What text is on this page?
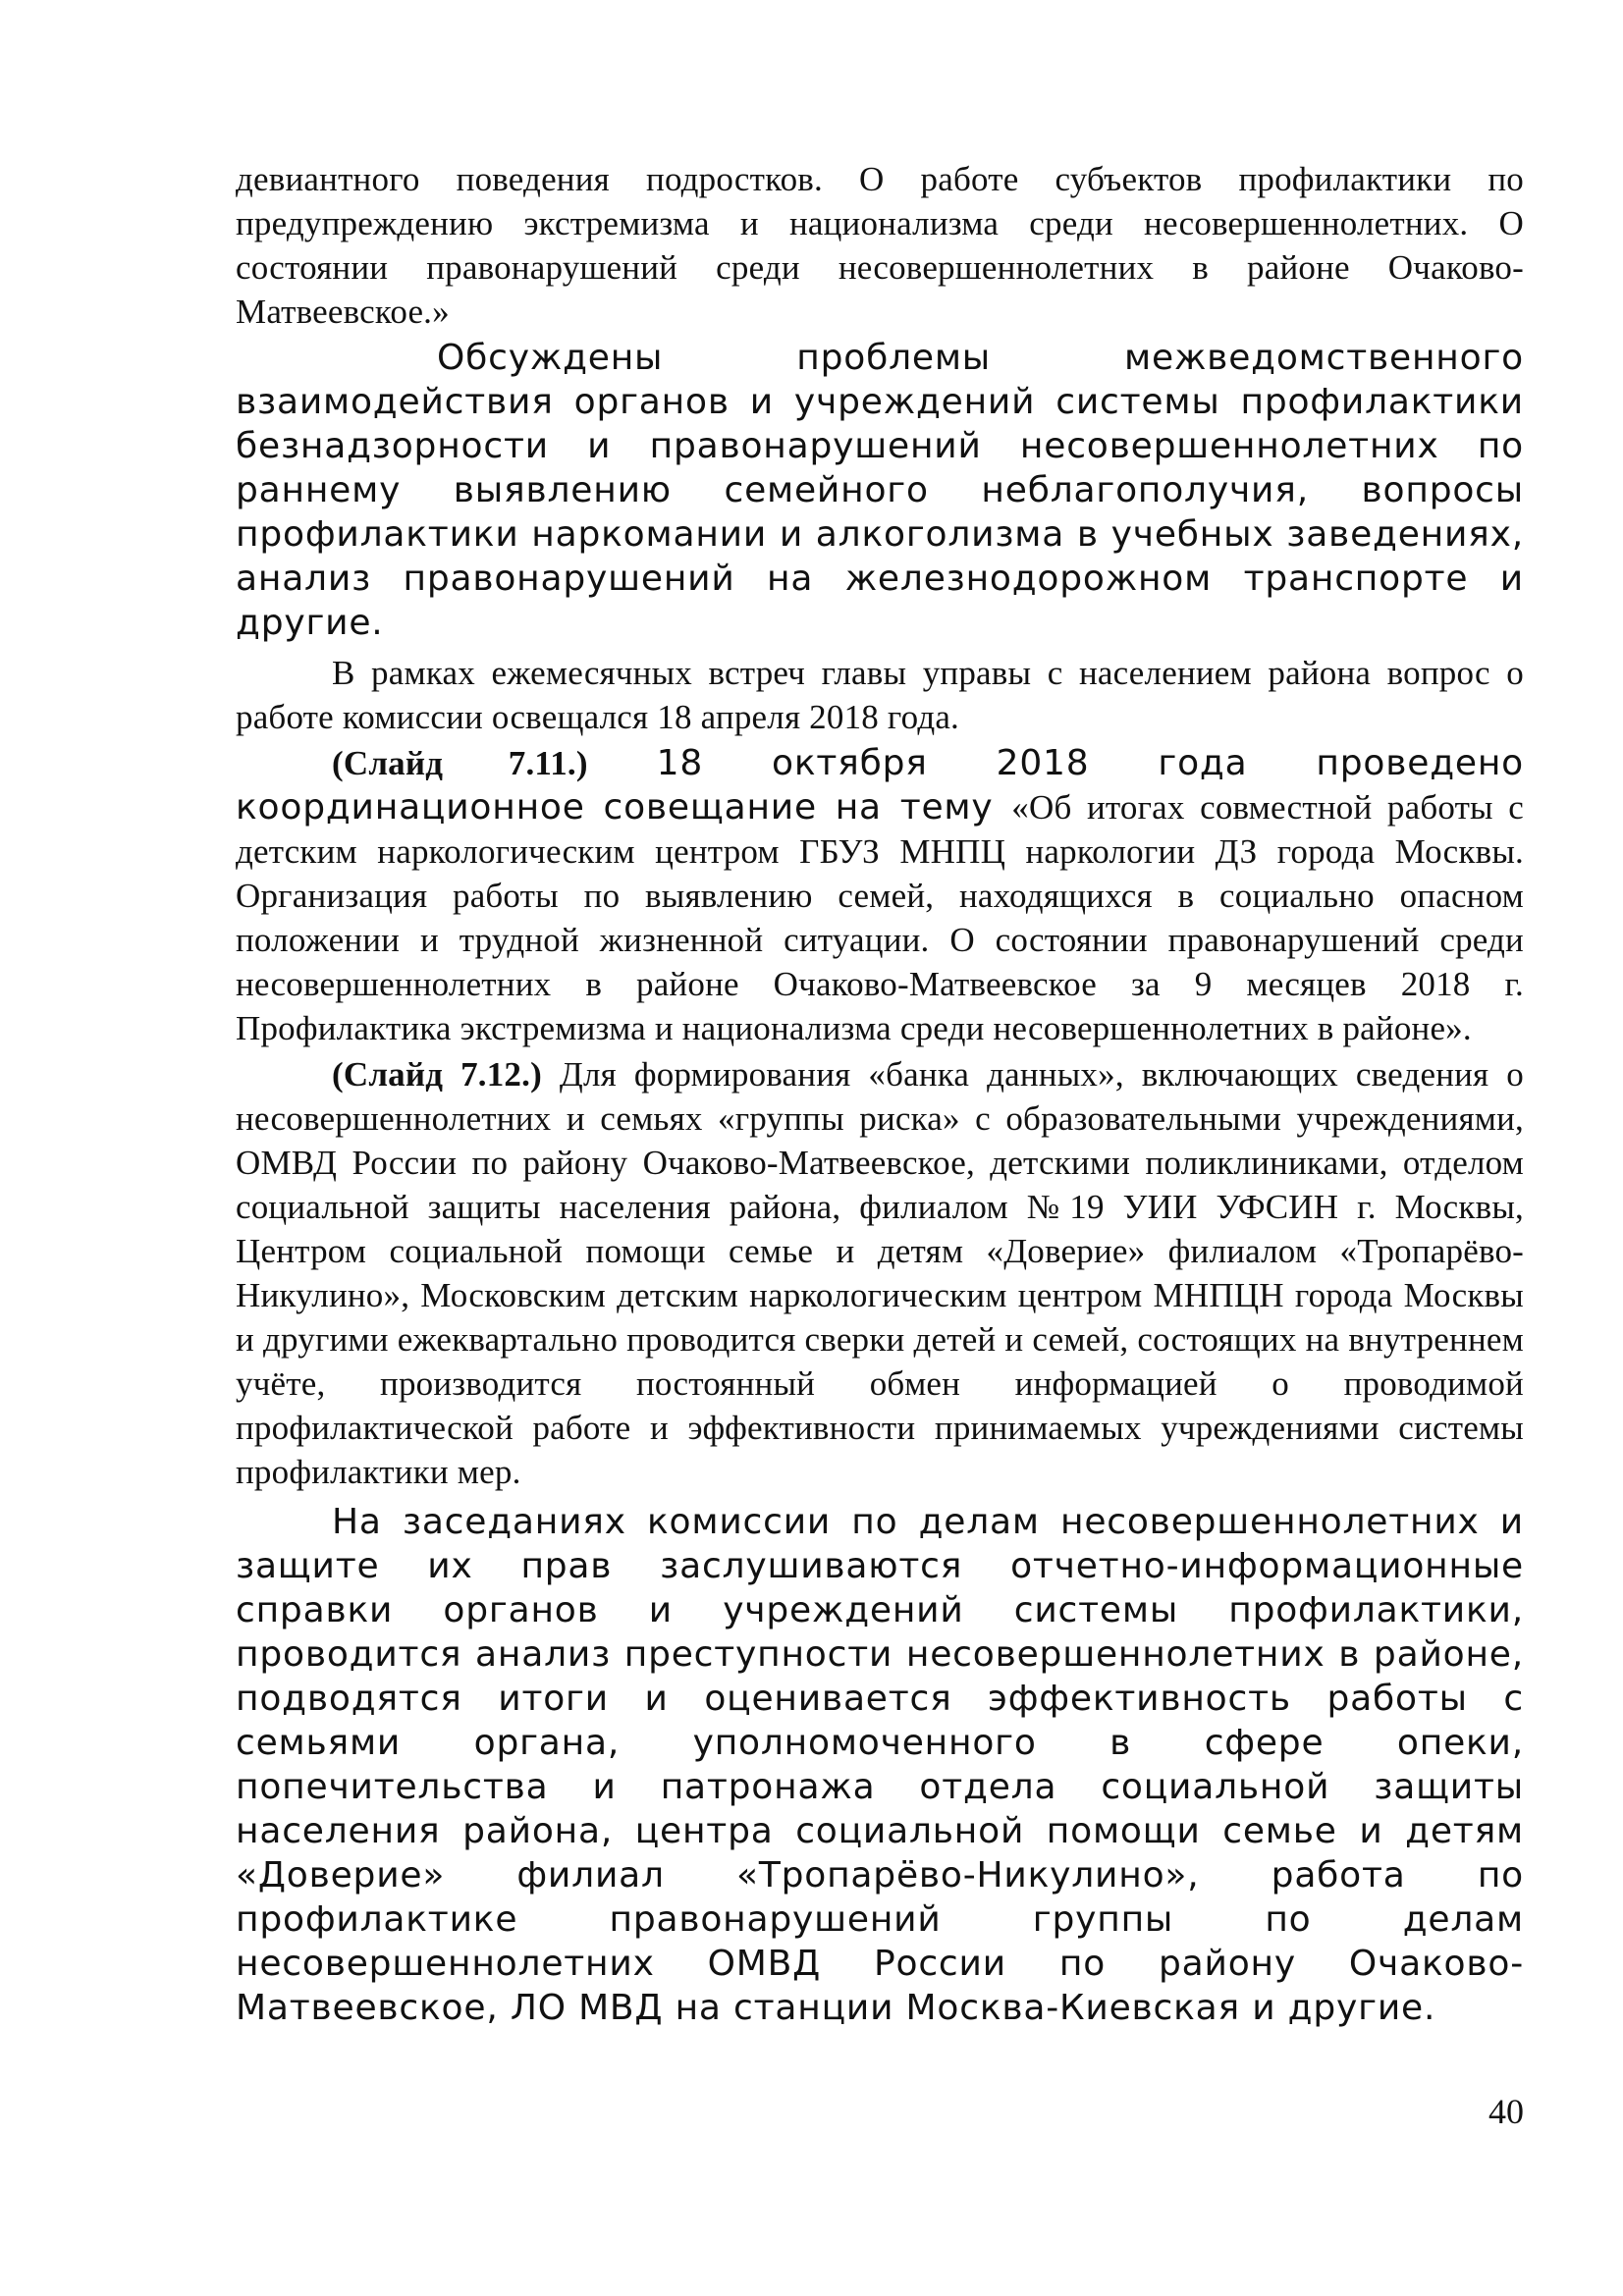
девиантного поведения подростков. О работе субъектов профилактики по предупреждению экстремизма и национализма среди несовершеннолетних. О состоянии правонарушений среди несовершеннолетних в районе Очаково-Матвеевское.»

Обсуждены проблемы межведомственного взаимодействия органов и учреждений системы профилактики безнадзорности и правонарушений несовершеннолетних по раннему выявлению семейного неблагополучия, вопросы профилактики наркомании и алкоголизма в учебных заведениях, анализ правонарушений на железнодорожном транспорте и другие.

В рамках ежемесячных встреч главы управы с населением района вопрос о работе комиссии освещался 18 апреля 2018 года.

(Слайд 7.11.) 18 октября 2018 года проведено координационное совещание на тему «Об итогах совместной работы с детским наркологическим центром ГБУЗ МНПЦ наркологии ДЗ города Москвы. Организация работы по выявлению семей, находящихся в социально опасном положении и трудной жизненной ситуации. О состоянии правонарушений среди несовершеннолетних в районе Очаково-Матвеевское за 9 месяцев 2018 г. Профилактика экстремизма и национализма среди несовершеннолетних в районе».

(Слайд 7.12.) Для формирования «банка данных», включающих сведения о несовершеннолетних и семьях «группы риска» с образовательными учреждениями, ОМВД России по району Очаково-Матвеевское, детскими поликлиниками, отделом социальной защиты населения района, филиалом №19 УИИ УФСИН г. Москвы, Центром социальной помощи семье и детям «Доверие» филиалом «Тропарёво-Никулино», Московским детским наркологическим центром МНПЦН города Москвы и другими ежеквартально проводится сверки детей и семей, состоящих на внутреннем учёте, производится постоянный обмен информацией о проводимой профилактической работе и эффективности принимаемых учреждениями системы профилактики мер.

На заседаниях комиссии по делам несовершеннолетних и защите их прав заслушиваются отчетно-информационные справки органов и учреждений системы профилактики, проводится анализ преступности несовершеннолетних в районе, подводятся итоги и оценивается эффективность работы с семьями органа, уполномоченного в сфере опеки, попечительства и патронажа отдела социальной защиты населения района, центра социальной помощи семье и детям «Доверие» филиал «Тропарёво-Никулино», работа по профилактике правонарушений группы по делам несовершеннолетних ОМВД России по району Очаково-Матвеевское, ЛО МВД на станции Москва-Киевская и другие.

40
